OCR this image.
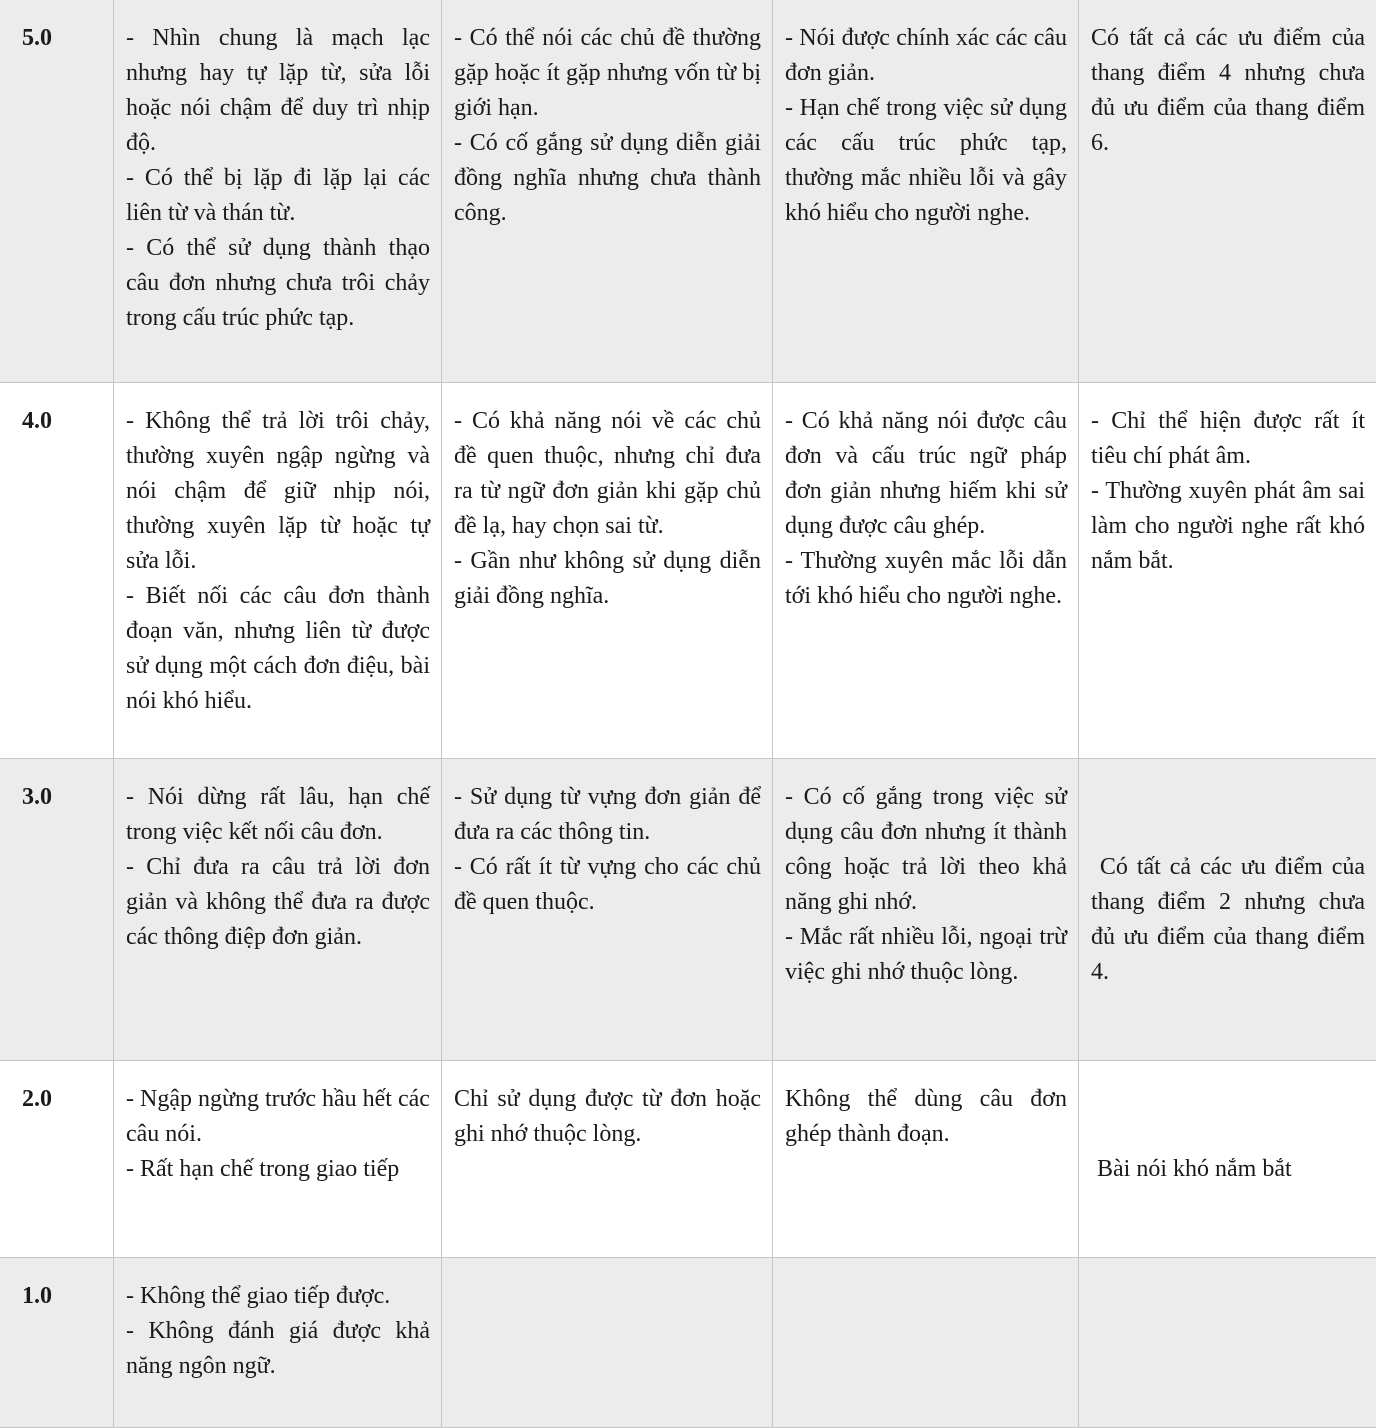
5.0	- Nhìn chung là mạch lạc nhưng hay tự lặp từ, sửa lỗi hoặc nói chậm để duy trì nhịp độ.
- Có thể bị lặp đi lặp lại các liên từ và thán từ.
- Có thể sử dụng thành thạo câu đơn nhưng chưa trôi chảy trong cấu trúc phức tạp.	- Có thể nói các chủ đề thường gặp hoặc ít gặp nhưng vốn từ bị giới hạn.
- Có cố gắng sử dụng diễn giải đồng nghĩa nhưng chưa thành công.	- Nói được chính xác các câu đơn giản.
- Hạn chế trong việc sử dụng các cấu trúc phức tạp, thường mắc nhiều lỗi và gây khó hiểu cho người nghe.	Có tất cả các ưu điểm của thang điểm 4 nhưng chưa đủ ưu điểm của thang điểm 6.

4.0	- Không thể trả lời trôi chảy, thường xuyên ngập ngừng và nói chậm để giữ nhịp nói, thường xuyên lặp từ hoặc tự sửa lỗi.
- Biết nối các câu đơn thành đoạn văn, nhưng liên từ được sử dụng một cách đơn điệu, bài nói khó hiểu.	- Có khả năng nói về các chủ đề quen thuộc, nhưng chỉ đưa ra từ ngữ đơn giản khi gặp chủ đề lạ, hay chọn sai từ.
- Gần như không sử dụng diễn giải đồng nghĩa.	- Có khả năng nói được câu đơn và cấu trúc ngữ pháp đơn giản nhưng hiếm khi sử dụng được câu ghép.
- Thường xuyên mắc lỗi dẫn tới khó hiểu cho người nghe.	- Chỉ thể hiện được rất ít tiêu chí phát âm.
- Thường xuyên phát âm sai làm cho người nghe rất khó nắm bắt.

3.0	- Nói dừng rất lâu, hạn chế trong việc kết nối câu đơn.
- Chỉ đưa ra câu trả lời đơn giản và không thể đưa ra được các thông điệp đơn giản.	- Sử dụng từ vựng đơn giản để đưa ra các thông tin.
- Có rất ít từ vựng cho các chủ đề quen thuộc.	- Có cố gắng trong việc sử dụng câu đơn nhưng ít thành công hoặc trả lời theo khả năng ghi nhớ.
- Mắc rất nhiều lỗi, ngoại trừ việc ghi nhớ thuộc lòng.	Có tất cả các ưu điểm của thang điểm 2 nhưng chưa đủ ưu điểm của thang điểm 4.

2.0	- Ngập ngừng trước hầu hết các câu nói.
- Rất hạn chế trong giao tiếp	Chỉ sử dụng được từ đơn hoặc ghi nhớ thuộc lòng.	Không thể dùng câu đơn ghép thành đoạn.	Bài nói khó nắm bắt

1.0	- Không thể giao tiếp được.
- Không đánh giá được khả năng ngôn ngữ.			
